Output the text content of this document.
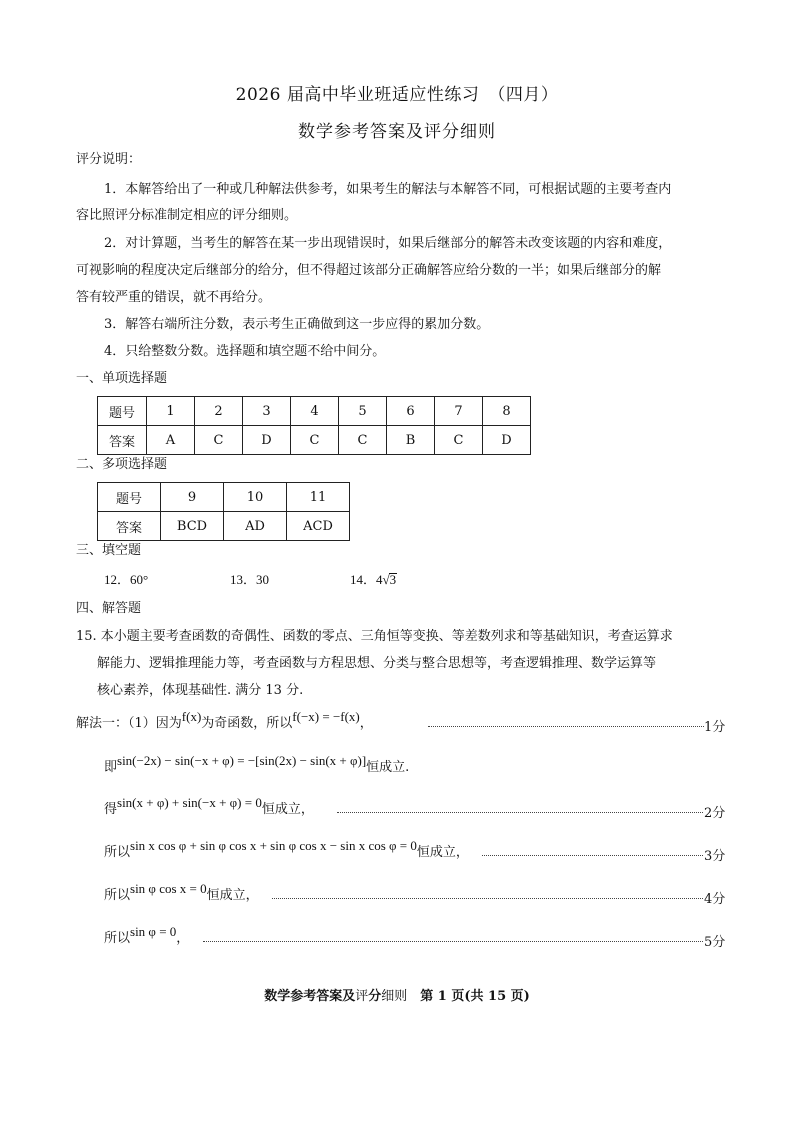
2026 届高中毕业班适应性练习　（四月）
数学参考答案及评分细则
评分说明：
1．本解答给出了一种或几种解法供参考，如果考生的解法与本解答不同，可根据试题的主要考查内
容比照评分标准制定相应的评分细则。
2．对计算题，当考生的解答在某一步出现错误时，如果后继部分的解答未改变该题的内容和难度，
可视影响的程度决定后继部分的给分，但不得超过该部分正确解答应给分数的一半；如果后继部分的解
答有较严重的错误，就不再给分。
3．解答右端所注分数，表示考生正确做到这一步应得的累加分数。
4．只给整数分数。选择题和填空题不给中间分。
一、单项选择题
题号	1	2	3	4	5	6	7	8
答案	A	C	D	C	C	B	C	D
二、多项选择题
题号	9	10	11
答案	BCD	AD	ACD
三、填空题
12．60°	13．30	14．4√3
四、解答题
15. 本小题主要考查函数的奇偶性、函数的零点、三角恒等变换、等差数列求和等基础知识，考查运算求
解能力、逻辑推理能力等，考查函数与方程思想、分类与整合思想等，考查逻辑推理、数学运算等
核心素养，体现基础性. 满分 13 分.
解法一：（1）因为f(x)为奇函数，所以f(−x) = −f(x)，	1分
即sin(−2x) − sin(−x + φ) = −[sin(2x) − sin(x + φ)]恒成立.
得sin(x + φ) + sin(−x + φ) = 0恒成立，	2分
所以sin x cos φ + sin φ cos x + sin φ cos x − sin x cos φ = 0恒成立，	3分
所以sin φ cos x = 0恒成立，	4分
所以sin φ = 0，	5分
数学参考答案及评分细则　第 1 页(共 15 页)
